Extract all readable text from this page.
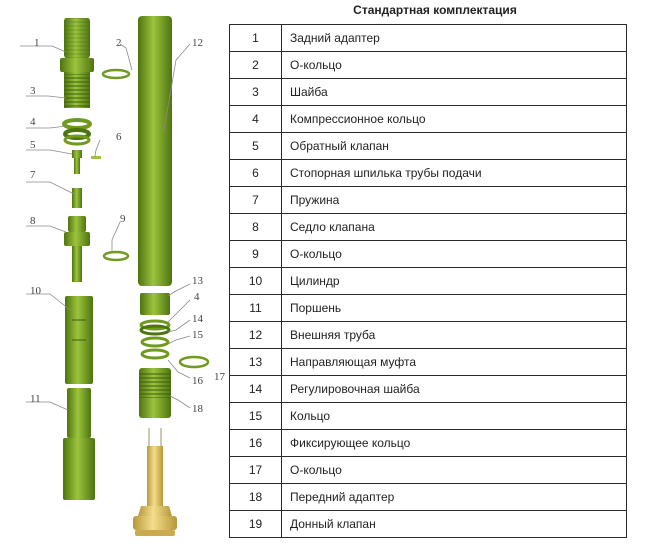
1	2
3
4
5
6
7
8	9
10
11
12
13
4
14
15
16 17
18
Стандартная комплектация
1	Задний адаптер
2	О-кольцо
3	Шайба
4	Компрессионное кольцо
5	Обратный клапан
6	Стопорная шпилька трубы подачи
7	Пружина
8	Седло клапана
9	О-кольцо
10	Цилиндр
11	Поршень
12	Внешняя труба
13	Направляющая муфта
14	Регулировочная шайба
15	Кольцо
16	Фиксирующее кольцо
17	О-кольцо
18	Передний адаптер
19	Донный клапан
